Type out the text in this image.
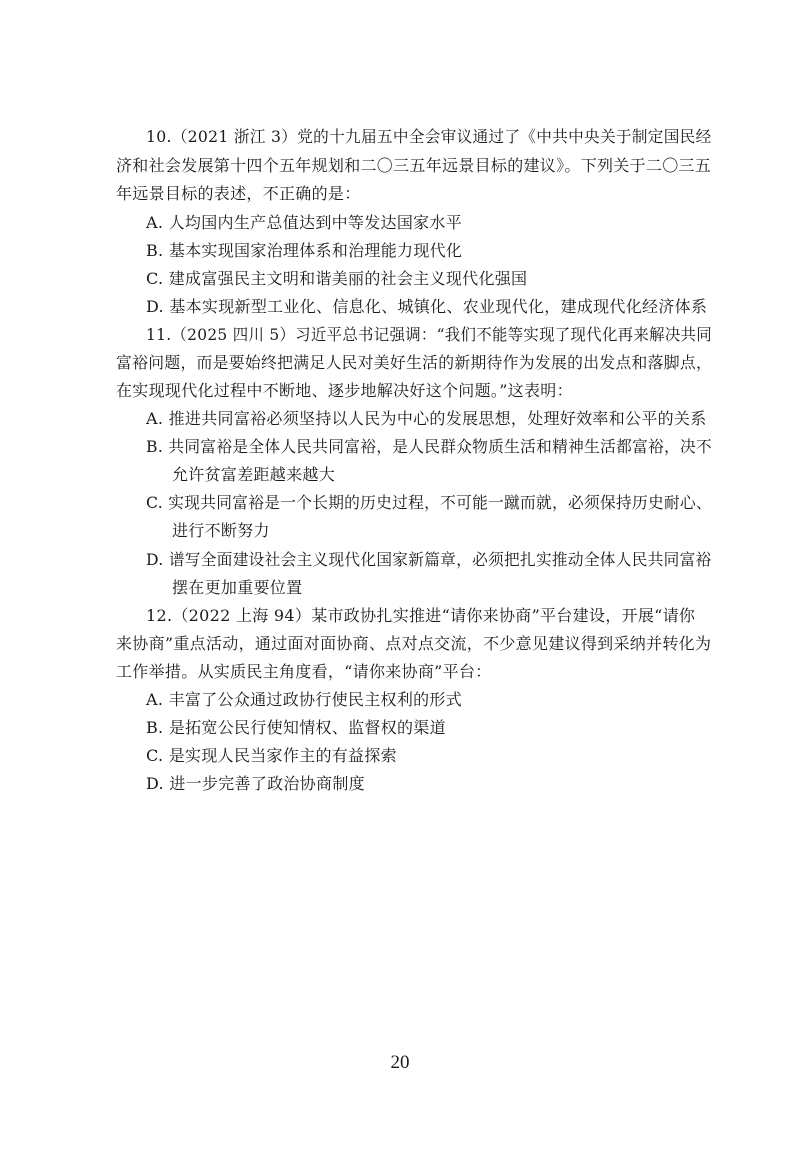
10.（2021 浙江 3）党的十九届五中全会审议通过了《中共中央关于制定国民经
济和社会发展第十四个五年规划和二〇三五年远景目标的建议》。下列关于二〇三五
年远景目标的表述，不正确的是：
A. 人均国内生产总值达到中等发达国家水平
B. 基本实现国家治理体系和治理能力现代化
C. 建成富强民主文明和谐美丽的社会主义现代化强国
D. 基本实现新型工业化、信息化、城镇化、农业现代化，建成现代化经济体系
11.（2025 四川 5）习近平总书记强调：“我们不能等实现了现代化再来解决共同
富裕问题，而是要始终把满足人民对美好生活的新期待作为发展的出发点和落脚点，
在实现现代化过程中不断地、逐步地解决好这个问题。”这表明：
A. 推进共同富裕必须坚持以人民为中心的发展思想，处理好效率和公平的关系
B. 共同富裕是全体人民共同富裕，是人民群众物质生活和精神生活都富裕，决不
允许贫富差距越来越大
C. 实现共同富裕是一个长期的历史过程，不可能一蹴而就，必须保持历史耐心、
进行不断努力
D. 谱写全面建设社会主义现代化国家新篇章，必须把扎实推动全体人民共同富裕
摆在更加重要位置
12.（2022 上海 94）某市政协扎实推进“请你来协商”平台建设，开展“请你
来协商”重点活动，通过面对面协商、点对点交流，不少意见建议得到采纳并转化为
工作举措。从实质民主角度看，“请你来协商”平台：
A. 丰富了公众通过政协行使民主权利的形式
B. 是拓宽公民行使知情权、监督权的渠道
C. 是实现人民当家作主的有益探索
D. 进一步完善了政治协商制度
20
